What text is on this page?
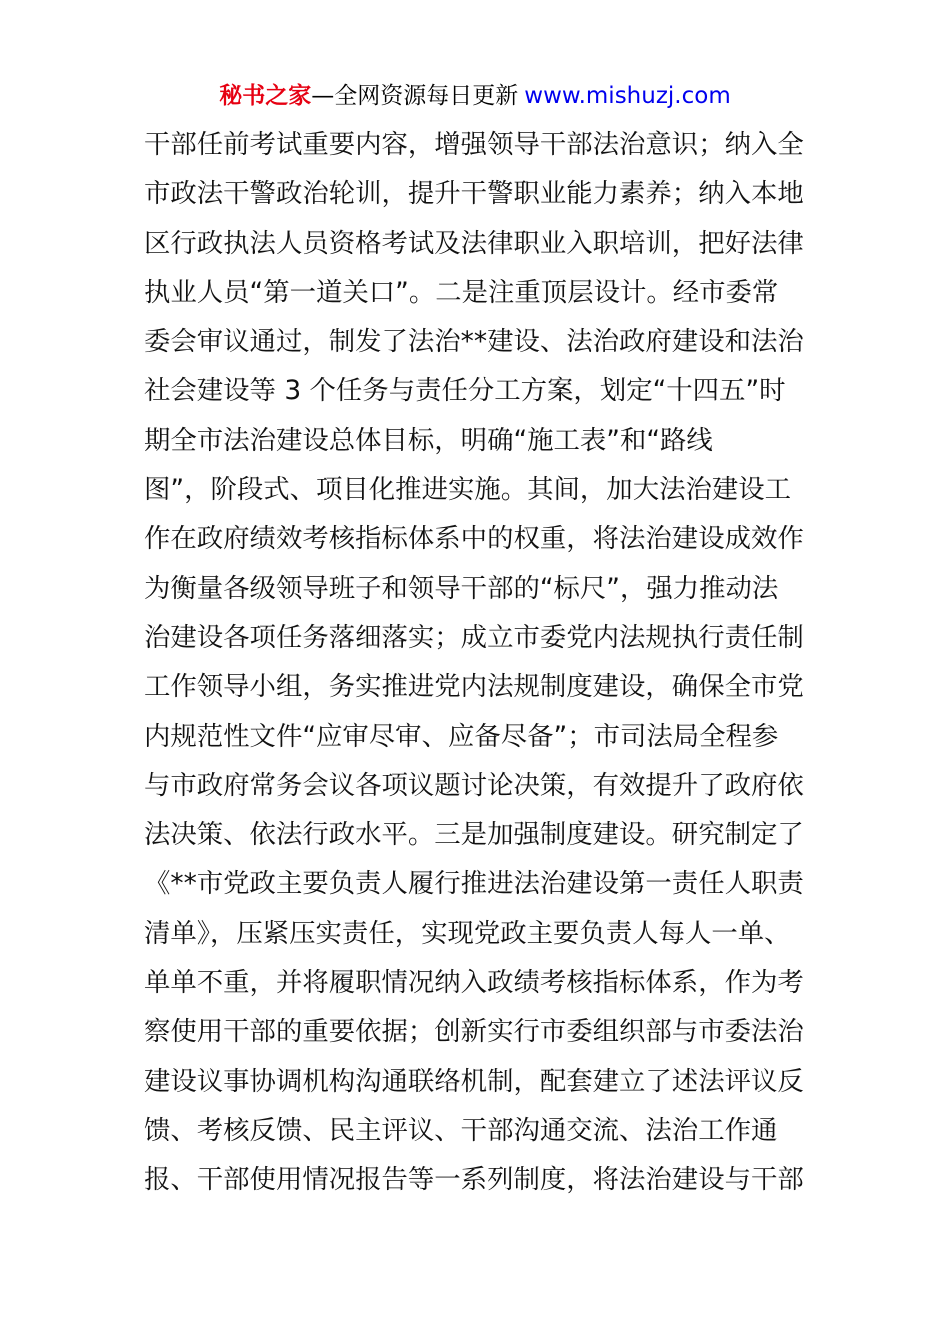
秘书之家—全网资源每日更新 www.mishuzj.com
干部任前考试重要内容，增强领导干部法治意识；纳入全
市政法干警政治轮训，提升干警职业能力素养；纳入本地
区行政执法人员资格考试及法律职业入职培训，把好法律
执业人员“第一道关口”。二是注重顶层设计。经市委常
委会审议通过，制发了法治**建设、法治政府建设和法治
社会建设等 3 个任务与责任分工方案，划定“十四五”时
期全市法治建设总体目标，明确“施工表”和“路线
图”，阶段式、项目化推进实施。其间，加大法治建设工
作在政府绩效考核指标体系中的权重，将法治建设成效作
为衡量各级领导班子和领导干部的“标尺”，强力推动法
治建设各项任务落细落实；成立市委党内法规执行责任制
工作领导小组，务实推进党内法规制度建设，确保全市党
内规范性文件“应审尽审、应备尽备”；市司法局全程参
与市政府常务会议各项议题讨论决策，有效提升了政府依
法决策、依法行政水平。三是加强制度建设。研究制定了
《**市党政主要负责人履行推进法治建设第一责任人职责
清单》，压紧压实责任，实现党政主要负责人每人一单、
单单不重，并将履职情况纳入政绩考核指标体系，作为考
察使用干部的重要依据；创新实行市委组织部与市委法治
建设议事协调机构沟通联络机制，配套建立了述法评议反
馈、考核反馈、民主评议、干部沟通交流、法治工作通
报、干部使用情况报告等一系列制度，将法治建设与干部
